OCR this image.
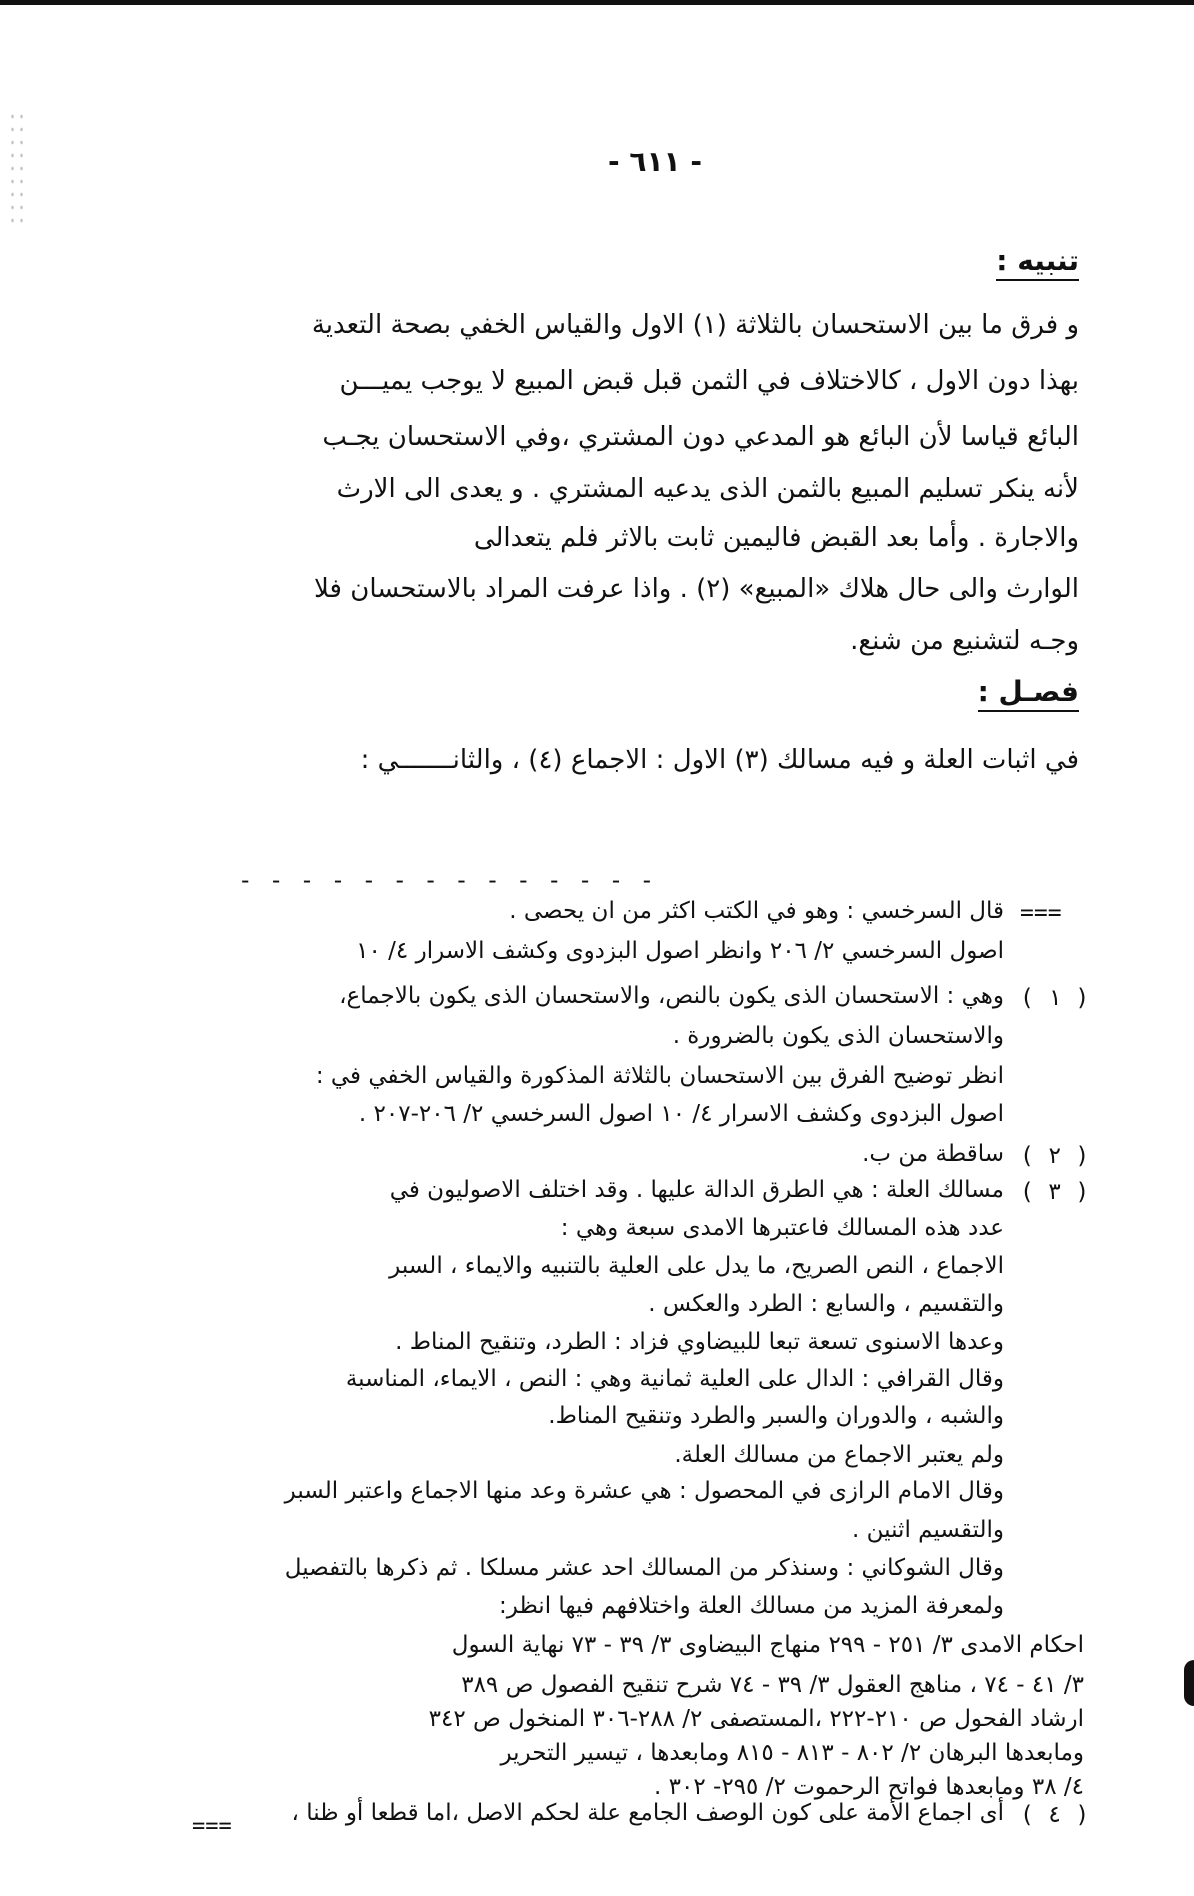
- ٦١١ -
تنبيه :
و فرق ما بين الاستحسان بالثلاثة (١) الاول والقياس الخفي بصحة التعدية
بهذا دون الاول ، كالاختلاف في الثمن قبل قبض المبيع لا يوجب يميـــن
البائع قياسا لأن البائع هو المدعي دون المشتري ،وفي الاستحسان يجـب
لأنه ينكر تسليم المبيع بالثمن الذى يدعيه المشتري . و يعدى الى الارث
والاجارة . وأما بعد القبض فاليمين ثابت بالاثر فلم يتعدالى
الوارث والى حال هلاك «المبيع» (٢) . واذا عرفت المراد بالاستحسان فلا
وجـه لتشنيع من شنع.
فصـل :
في اثبات العلة و فيه مسالك (٣) الاول : الاجماع (٤) ، والثانـــــــي :
- - - - - - - - - - - - - -
قال السرخسي : وهو في الكتب اكثر من ان يحصى . ===
اصول السرخسي ٢/ ٢٠٦ وانظر اصول البزدوى وكشف الاسرار ٤/ ١٠
وهي : الاستحسان الذى يكون بالنص، والاستحسان الذى يكون بالاجماع، ( ١ )
والاستحسان الذى يكون بالضرورة .
انظر توضيح الفرق بين الاستحسان بالثلاثة المذكورة والقياس الخفي في :
اصول البزدوى وكشف الاسرار ٤/ ١٠ اصول السرخسي ٢/ ٢٠٦-٢٠٧ .
ساقطة من ب. ( ٢ )
مسالك العلة : هي الطرق الدالة عليها . وقد اختلف الاصوليون في ( ٣ )
عدد هذه المسالك فاعتبرها الامدى سبعة وهي :
الاجماع ، النص الصريح، ما يدل على العلية بالتنبيه والايماء ، السبر
والتقسيم ، والسابع : الطرد والعكس .
وعدها الاسنوى تسعة تبعا للبيضاوي فزاد : الطرد، وتنقيح المناط .
وقال القرافي : الدال على العلية ثمانية وهي : النص ، الايماء، المناسبة
والشبه ، والدوران والسبر والطرد وتنقيح المناط.
ولم يعتبر الاجماع من مسالك العلة.
وقال الامام الرازى في المحصول : هي عشرة وعد منها الاجماع واعتبر السبر
والتقسيم اثنين .
وقال الشوكاني : وسنذكر من المسالك احد عشر مسلكا . ثم ذكرها بالتفصيل
ولمعرفة المزيد من مسالك العلة واختلافهم فيها انظر:
احكام الامدى ٣/ ٢٥١ - ٢٩٩ منهاج البيضاوى ٣/ ٣٩ - ٧٣ نهاية السول
٣/ ٤١ - ٧٤ ، مناهج العقول ٣/ ٣٩ - ٧٤ شرح تنقيح الفصول ص ٣٨٩
ارشاد الفحول ص ٢١٠-٢٢٢ ،المستصفى ٢/ ٢٨٨-٣٠٦ المنخول ص ٣٤٢
ومابعدها البرهان ٢/ ٨٠٢ - ٨١٣ - ٨١٥ ومابعدها ، تيسير التحرير
٤/ ٣٨ ومابعدها فواتح الرحموت ٢/ ٢٩٥- ٣٠٢ .
أى اجماع الأمة على كون الوصف الجامع علة لحكم الاصل ،اما قطعا أو ظنا ، ( ٤ )
===
